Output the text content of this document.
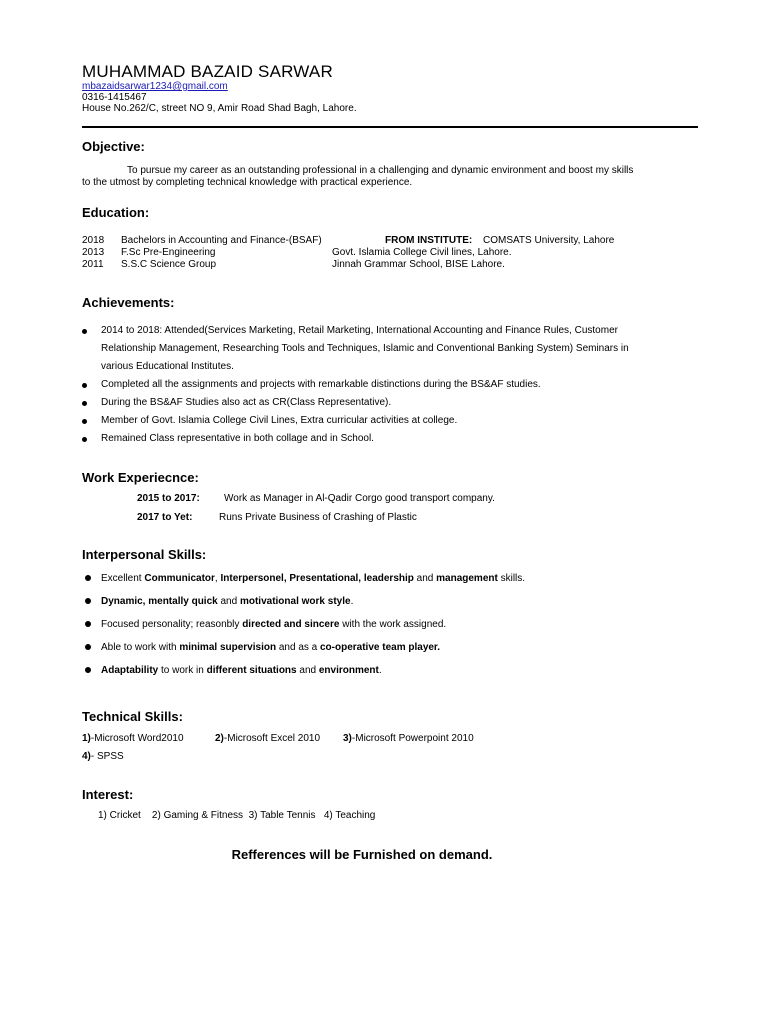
MUHAMMAD BAZAID SARWAR
mbazaidsarwar1234@gmail.com
0316-1415467
House No.262/C, street NO 9, Amir Road Shad Bagh, Lahore.
Objective:
To pursue my career as an outstanding professional in a challenging and dynamic environment and boost my skills
to the utmost by completing technical knowledge with practical experience.
Education:
2018 Bachelors in Accounting and Finance-(BSAF)	FROM INSTITUTE: COMSATS University, Lahore
2013 F.Sc Pre-Engineering	Govt. Islamia College Civil lines, Lahore.
2011 S.S.C Science Group	Jinnah Grammar School, BISE Lahore.
Achievements:
2014 to 2018: Attended(Services Marketing, Retail Marketing, International Accounting and Finance Rules, Customer
Relationship Management, Researching Tools and Techniques, Islamic and Conventional Banking System) Seminars in
various Educational Institutes.
Completed all the assignments and projects with remarkable distinctions during the BS&AF studies.
During the BS&AF Studies also act as CR(Class Representative).
Member of Govt. Islamia College Civil Lines, Extra curricular activities at college.
Remained Class representative in both collage and in School.
Work Experiecnce:
2015 to 2017: Work as Manager in Al-Qadir Corgo good transport company.
2017 to Yet:	Runs Private Business of Crashing of Plastic
Interpersonal Skills:
Excellent Communicator, Interpersonel, Presentational, leadership and management skills.
Dynamic, mentally quick and motivational work style.
Focused personality; reasonbly directed and sincere with the work assigned.
Able to work with minimal supervision and as a co-operative team player.
Adaptability to work in different situations and environment.
Technical Skills:
1)-Microsoft Word2010	2)-Microsoft Excel 2010 3)-Microsoft Powerpoint 2010
4)- SPSS
Interest:
1) Cricket    2) Gaming & Fitness  3) Table Tennis   4) Teaching
Refferences will be Furnished on demand.
